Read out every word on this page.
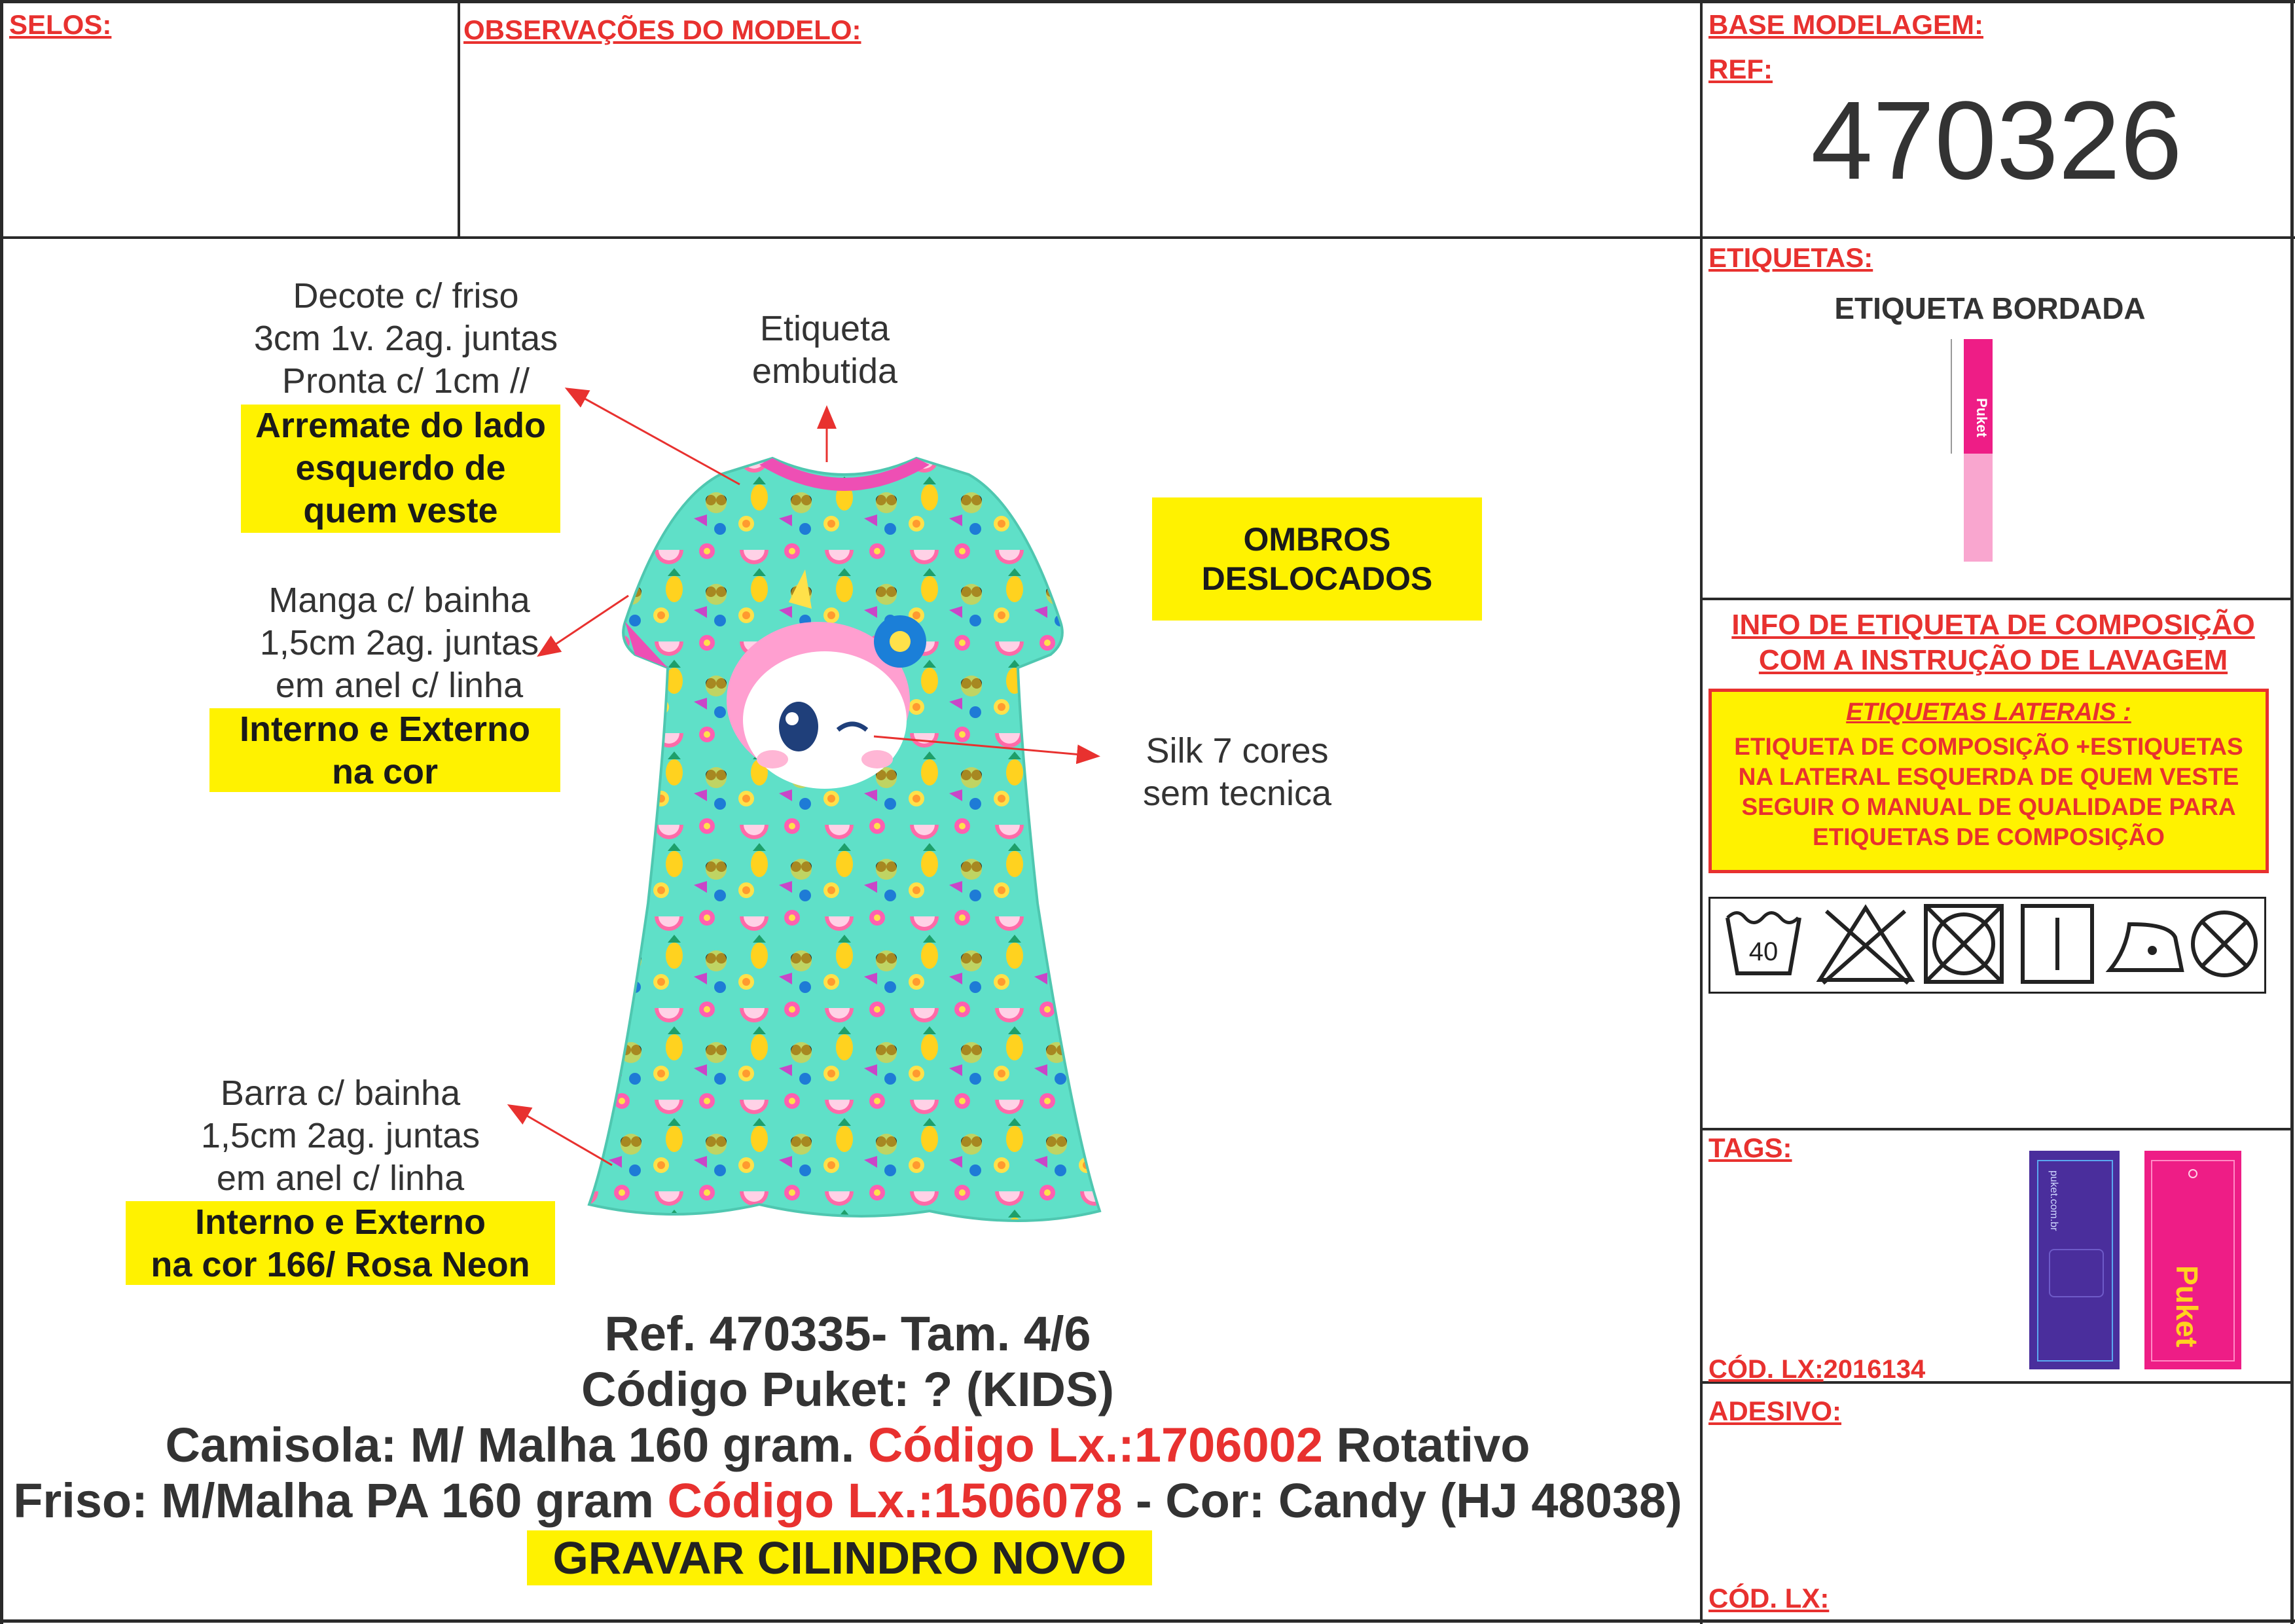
SELOS:	OBSERVAÇÕES DO MODELO:	BASE MODELAGEM:
REF:
470326
Decote c/ friso
3cm 1v. 2ag. juntas
Pronta c/ 1cm //
Arremate do lado
esquerdo de
quem veste
Etiqueta
embutida
OMBROS
DESLOCADOS
Manga c/ bainha
1,5cm 2ag. juntas
em anel c/ linha
Interno e Externo
na cor
Silk 7 cores
sem tecnica
Barra c/ bainha
1,5cm 2ag. juntas
em anel c/ linha
Interno e Externo
na cor 166/ Rosa Neon
Ref. 470335- Tam. 4/6
Código Puket: ? (KIDS)
Camisola: M/ Malha 160 gram. Código Lx.:1706002 Rotativo
Friso: M/Malha PA 160 gram Código Lx.:1506078 - Cor: Candy (HJ 48038)
GRAVAR CILINDRO NOVO
ETIQUETAS:
ETIQUETA BORDADA
Puket
INFO DE ETIQUETA DE COMPOSIÇÃO
COM A INSTRUÇÃO DE LAVAGEM
ETIQUETAS LATERAIS :
ETIQUETA DE COMPOSIÇÃO +ESTIQUETAS
NA LATERAL ESQUERDA DE QUEM VESTE
SEGUIR O MANUAL DE QUALIDADE PARA
ETIQUETAS DE COMPOSIÇÃO
40
TAGS:
puket.com.br
Puket
CÓD. LX:2016134
ADESIVO:
CÓD. LX:
